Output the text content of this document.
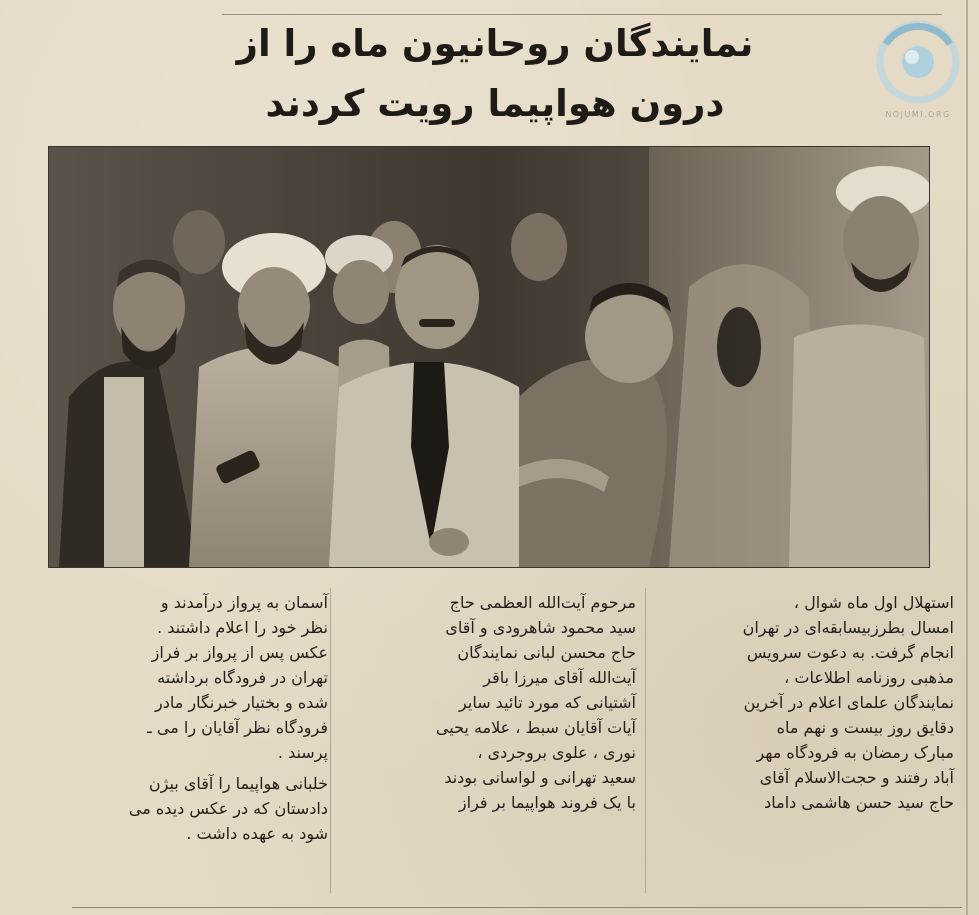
نمایندگان روحانیون ماه را از
درون هواپیما رویت کردند	NOJUMI.ORG

استهلال اول ماه شوال ،
امسال بطرزبیسابقه‌ای در تهران
انجام گرفت. به دعوت سرویس
مذهبی روزنامه اطلاعات ،
نمایندگان علمای اعلام در آخرین
دقایق روز بیست و نهم ماه
مبارک رمضان به فرودگاه مهر
آباد رفتند و حجت‌الاسلام آقای
حاج سید حسن هاشمی داماد

مرحوم آیت‌الله العظمی حاج
سید محمود شاهرودی و آقای
حاج محسن لبانی نمایندگان
آیت‌الله آقای میرزا باقر
آشتیانی که مورد تائید سایر
آیات آقایان سبط ، علامه یحیی
نوری ، علوی بروجردی ،
سعید تهرانی و لواسانی بودند
با یک فروند هواپیما بر فراز

آسمان به پرواز درآمدند و
نظر خود را اعلام داشتند .
عکس پس از پرواز بر فراز
تهران در فرودگاه برداشته
شده و بختیار خبرنگار مادر
فرودگاه نظر آقایان را می ـ
پرسند .

خلبانی هواپیما را آقای بیژن
دادستان که در عکس دیده می
شود به عهده داشت .
